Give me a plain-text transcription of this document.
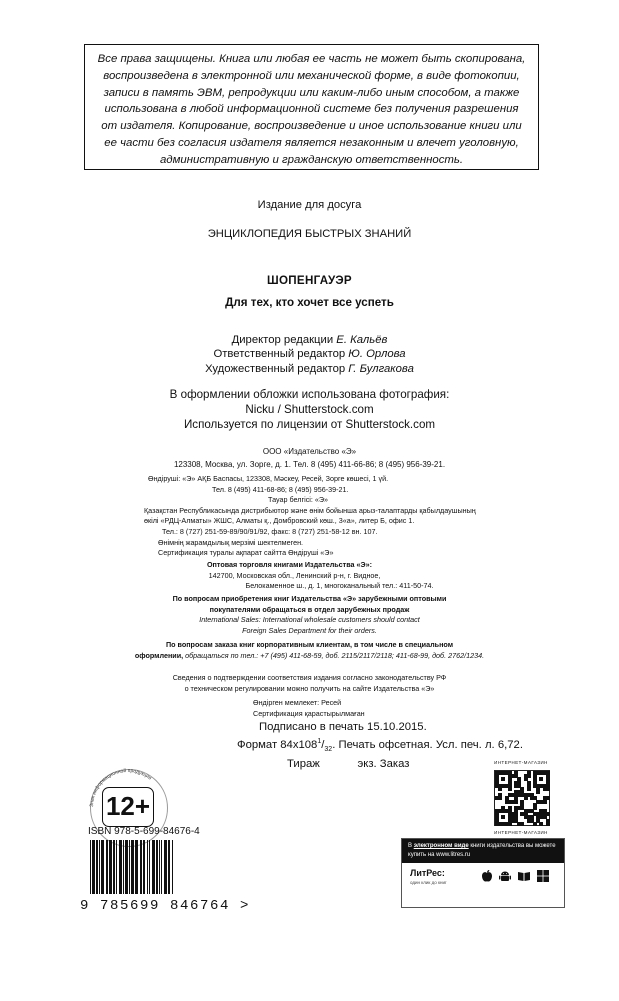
Все права защищены. Книга или любая ее часть не может быть скопирована,
воспроизведена в электронной или механической форме, в виде фотокопии,
записи в память ЭВМ, репродукции или каким-либо иным способом, а также
использована в любой информационной системе без получения разрешения
от издателя. Копирование, воспроизведение и иное использование книги или
ее части без согласия издателя является незаконным и влечет уголовную,
административную и гражданскую ответственность.
Издание для досуга
ЭНЦИКЛОПЕДИЯ БЫСТРЫХ ЗНАНИЙ
ШОПЕНГАУЭР
Для тех, кто хочет все успеть
Директор редакции Е. Кальёв
Ответственный редактор Ю. Орлова
Художественный редактор Г. Булгакова
В оформлении обложки использована фотография:
Nicku / Shutterstock.com
Используется по лицензии от Shutterstock.com
ООО «Издательство «Э»
123308, Москва, ул. Зорге, д. 1. Тел. 8 (495) 411-66-86; 8 (495) 956-39-21.
Өндіруші: «Э» АҚБ Баспасы, 123308, Мәскеу, Ресей, Зорге көшесі, 1 үй.
Тел. 8 (495) 411-68-86; 8 (495) 956-39-21.
Тауар белгісі: «Э»
Қазақстан Республикасында дистрибьютор және өнім бойынша арыз-талаптарды қабылдаушының
өкілі «РДЦ-Алматы» ЖШС, Алматы қ., Домбровский көш., 3«а», литер Б, офис 1.
Тел.: 8 (727) 251-59-89/90/91/92, факс: 8 (727) 251-58-12 вн. 107.
Өнімнің жарамдылық мерзімі шектелмеген.
Сертификация туралы ақпарат сайтта Өндіруші «Э»
Оптовая торговля книгами Издательства «Э»:
142700, Московская обл., Ленинский р-н, г. Видное,
Белокаменное ш., д. 1, многоканальный тел.: 411-50-74.
По вопросам приобретения книг Издательства «Э» зарубежными оптовыми
покупателями обращаться в отдел зарубежных продаж
International Sales: International wholesale customers should contact
Foreign Sales Department for their orders.
По вопросам заказа книг корпоративным клиентам, в том числе в специальном
оформлении, обращаться по тел.: +7 (495) 411-68-59, доб. 2115/2117/2118; 411-68-99, доб. 2762/1234.
Сведения о подтверждении соответствия издания согласно законодательству РФ
о техническом регулировании можно получить на сайте Издательства «Э»
Өндірген мемлекет: Ресей
Сертификация қарастырылмаған
Подписано в печать 15.10.2015.
Формат $84х108^1/_{32}$. Печать офсетная. Усл. печ. л. 6,72.
Тираж            экз. Заказ
Знак информационной продукции
12+
ISBN 978-5-699-84676-4
9 785699 846764 >
ИНТЕРНЕТ-МАГАЗИН
ИНТЕРНЕТ-МАГАЗИН
В электронном виде книги издательства вы можете
купить на www.litres.ru
ЛитРес:
один клик до книг
